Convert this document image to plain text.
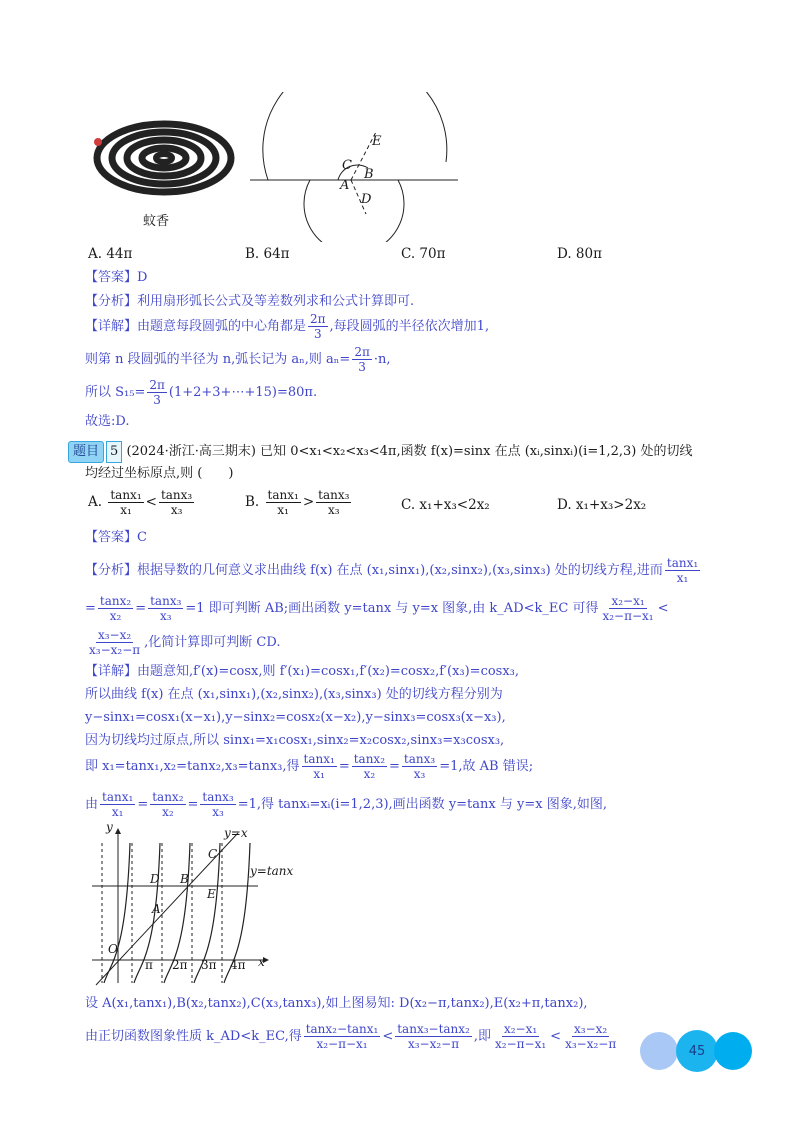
蚊香
E
C
B
A
D
A. 44π	B. 64π	C. 70π	D. 80π
【答案】D
【分析】利用扇形弧长公式及等差数列求和公式计算即可.
【详解】由题意每段圆弧的中心角都是 $\frac{2\pi}{3}$ ,每段圆弧的半径依次增加1,
则第 n 段圆弧的半径为 n,弧长记为 aₙ,则 $a_n= \frac{2\pi}{3} \cdot n$,
所以 $S_{15}= \frac{2\pi}{3}$ (1+2+3+⋯+15)=80π.
故选:D.
题目 5 (2024·浙江·高三期末) 已知 0<x₁<x₂<x₃<4π,函数 f(x)=sinx 在点 (xᵢ,sinxᵢ)(i=1,2,3) 处的切线
均经过坐标原点,则 (　　)
A. $\frac{\text{tanx₁}}{\text{x₁}} < \frac{\text{tanx₃}}{\text{x₃}}$	B. $\frac{\text{tanx₁}}{\text{x₁}} > \frac{\text{tanx₃}}{\text{x₃}}$	C. x₁+x₃<2x₂	D. x₁+x₃>2x₂
【答案】C
【分析】根据导数的几何意义求出曲线 f(x) 在点 (x₁,sinx₁),(x₂,sinx₂),(x₃,sinx₃) 处的切线方程,进而 $\frac{\text{tanx₁}}{\text{x₁}}$
= $\frac{\text{tanx₂}}{\text{x₂}} = \frac{\text{tanx₃}}{\text{x₃}} =1$ 即可判断 AB;画出函数 y=tanx 与 y=x 图象,由 k_AD<k_EC 可得 $\frac{\text{x₂−x₁}}{\text{x₂−π−x₁}}$ <
$\frac{\text{x₃−x₂}}{\text{x₃−x₂−π}}$ ,化简计算即可判断 CD.
【详解】由题意知,f′(x)=cosx,则 f′(x₁)=cosx₁,f′(x₂)=cosx₂,f′(x₃)=cosx₃,
所以曲线 f(x) 在点 (x₁,sinx₁),(x₂,sinx₂),(x₃,sinx₃) 处的切线方程分别为
y−sinx₁=cosx₁(x−x₁),y−sinx₂=cosx₂(x−x₂),y−sinx₃=cosx₃(x−x₃),
因为切线均过原点,所以 sinx₁=x₁cosx₁,sinx₂=x₂cosx₂,sinx₃=x₃cosx₃,
即 x₁=tanx₁,x₂=tanx₂,x₃=tanx₃,得 $\frac{\text{tanx₁}}{\text{x₁}} = \frac{\text{tanx₂}}{\text{x₂}} = \frac{\text{tanx₃}}{\text{x₃}} =1$,故 AB 错误;
由 $\frac{\text{tanx₁}}{\text{x₁}} = \frac{\text{tanx₂}}{\text{x₂}} = \frac{\text{tanx₃}}{\text{x₃}} =1$,得 tanxᵢ=xᵢ(i=1,2,3),画出函数 y=tanx 与 y=x 图象,如图,
y	y=x
C
y=tanx
D B
E
A
O
π 2π 3π 4π x
设 A(x₁,tanx₁),B(x₂,tanx₂),C(x₃,tanx₃),如上图易知: D(x₂−π,tanx₂),E(x₂+π,tanx₂),
由正切函数图象性质 k_AD<k_EC,得 $\frac{\text{tanx₂−tanx₁}}{\text{x₂−π−x₁}} < \frac{\text{tanx₃−tanx₂}}{\text{x₃−x₂−π}}$ ,即 $\frac{\text{x₂−x₁}}{\text{x₂−π−x₁}} < \frac{\text{x₃−x₂}}{\text{x₃−x₂−π}}$	45
